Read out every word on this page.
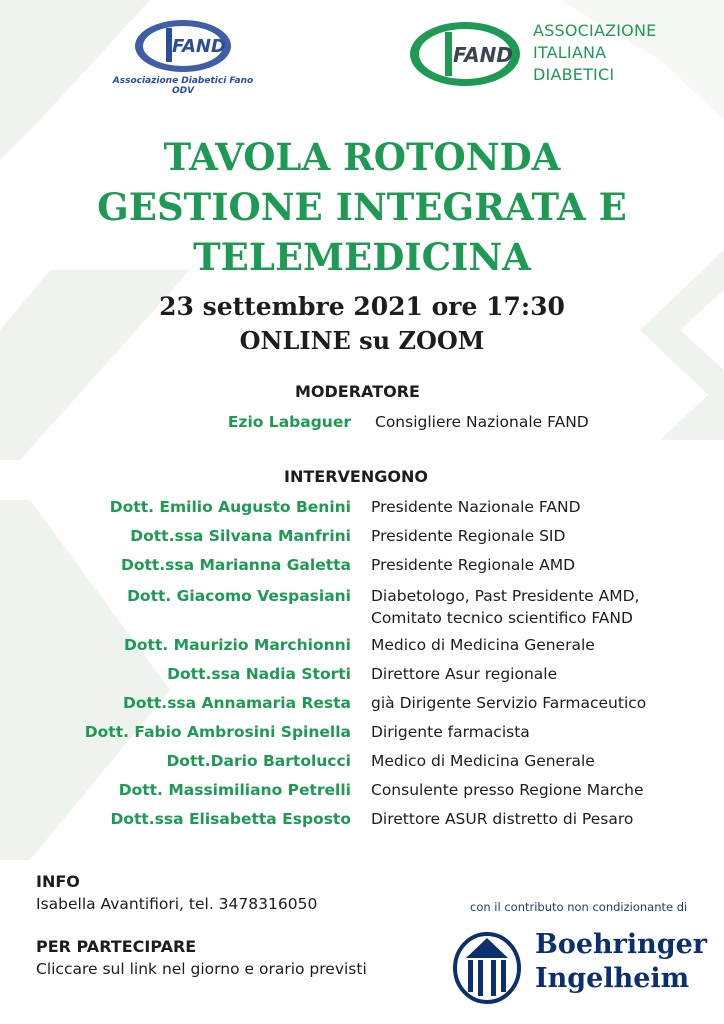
FAND
Associazione Diabetici Fano ODV
FAND
ASSOCIAZIONE
ITALIANA
DIABETICI
TAVOLA ROTONDA
GESTIONE INTEGRATA E
TELEMEDICINA
23 settembre 2021 ore 17:30
ONLINE su ZOOM
MODERATORE
Ezio Labaguer Consigliere Nazionale FAND
INTERVENGONO
Dott. Emilio Augusto Benini Presidente Nazionale FAND
Dott.ssa Silvana Manfrini Presidente Regionale SID
Dott.ssa Marianna Galetta Presidente Regionale AMD
Dott. Giacomo Vespasiani Diabetologo, Past Presidente AMD,
Comitato tecnico scientifico FAND
Dott. Maurizio Marchionni Medico di Medicina Generale
Dott.ssa Nadia Storti Direttore Asur regionale
Dott.ssa Annamaria Resta già Dirigente Servizio Farmaceutico
Dott. Fabio Ambrosini Spinella Dirigente farmacista
Dott.Dario Bartolucci Medico di Medicina Generale
Dott. Massimiliano Petrelli Consulente presso Regione Marche
Dott.ssa Elisabetta Esposto Direttore ASUR distretto di Pesaro
INFO
Isabella Avantifiori, tel. 3478316050
PER PARTECIPARE
Cliccare sul link nel giorno e orario previsti
con il contributo non condizionante di
Boehringer
Ingelheim
